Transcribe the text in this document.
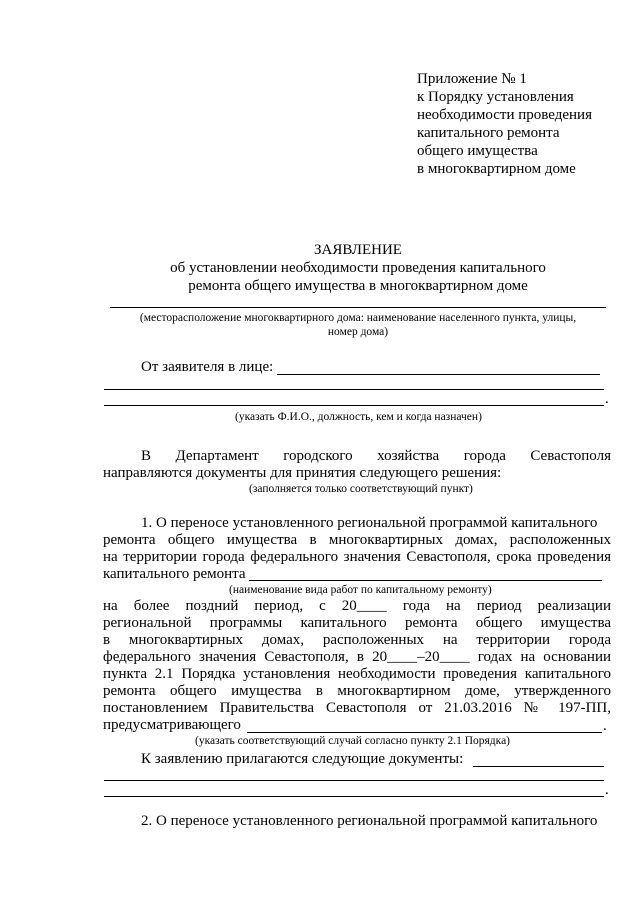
Приложение № 1
к Порядку установления
необходимости проведения
капитального ремонта
общего имущества
в многоквартирном доме
ЗАЯВЛЕНИЕ
об установлении необходимости проведения капитального
ремонта общего имущества в многоквартирном доме
(месторасположение многоквартирного дома: наименование населенного пункта, улицы,
номер дома)
От заявителя в лице:
.
(указать Ф.И.О., должность, кем и когда назначен)
В Департамент городского хозяйства города Севастополя
направляются документы для принятия следующего решения:
(заполняется только соответствующий пункт)
1. О переносе установленного региональной программой капитального
ремонта общего имущества в многоквартирных домах, расположенных
на территории города федерального значения Севастополя, срока проведения
капитального ремонта
(наименование вида работ по капитальному ремонту)
на более поздний период, с 20____ года на период реализации
региональной программы капитального ремонта общего имущества
в многоквартирных домах, расположенных на территории города
федерального значения Севастополя, в 20____–20____ годах на основании
пункта 2.1 Порядка установления необходимости проведения капитального
ремонта общего имущества в многоквартирном доме, утвержденного
постановлением Правительства Севастополя от 21.03.2016 № 197-ПП,
предусматривающего	.
(указать соответствующий случай согласно пункту 2.1 Порядка)
К заявлению прилагаются следующие документы:
.
2. О переносе установленного региональной программой капитального
